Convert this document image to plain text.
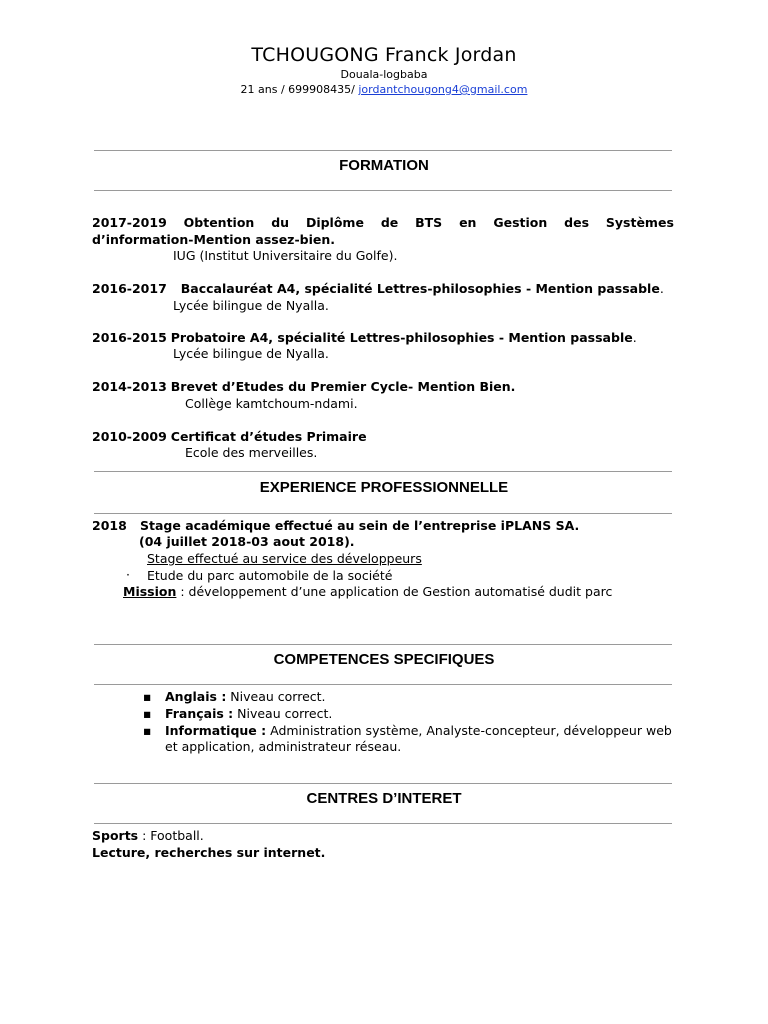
TCHOUGONG Franck Jordan
Douala-logbaba
21 ans / 699908435/ jordantchougong4@gmail.com
FORMATION
2017-2019 Obtention du Diplôme de BTS en Gestion des Systèmes
d’information-Mention assez-bien.
IUG (Institut Universitaire du Golfe).
2016-2017 Baccalauréat A4, spécialité Lettres-philosophies - Mention passable.
Lycée bilingue de Nyalla.
2016-2015 Probatoire A4, spécialité Lettres-philosophies - Mention passable.
Lycée bilingue de Nyalla.
2014-2013 Brevet d’Etudes du Premier Cycle- Mention Bien.
Collège kamtchoum-ndami.
2010-2009 Certificat d’études Primaire
Ecole des merveilles.
EXPERIENCE PROFESSIONNELLE
2018 Stage académique effectué au sein de l’entreprise iPLANS SA.
(04 juillet 2018-03 aout 2018).
Stage effectué au service des développeurs
· Etude du parc automobile de la société
Mission : développement d’une application de Gestion automatisé dudit parc
COMPETENCES SPECIFIQUES
▪ Anglais : Niveau correct.
▪ Français : Niveau correct.
▪ Informatique : Administration système, Analyste-concepteur, développeur web
et application, administrateur réseau.
CENTRES D’INTERET
Sports : Football.
Lecture, recherches sur internet.
